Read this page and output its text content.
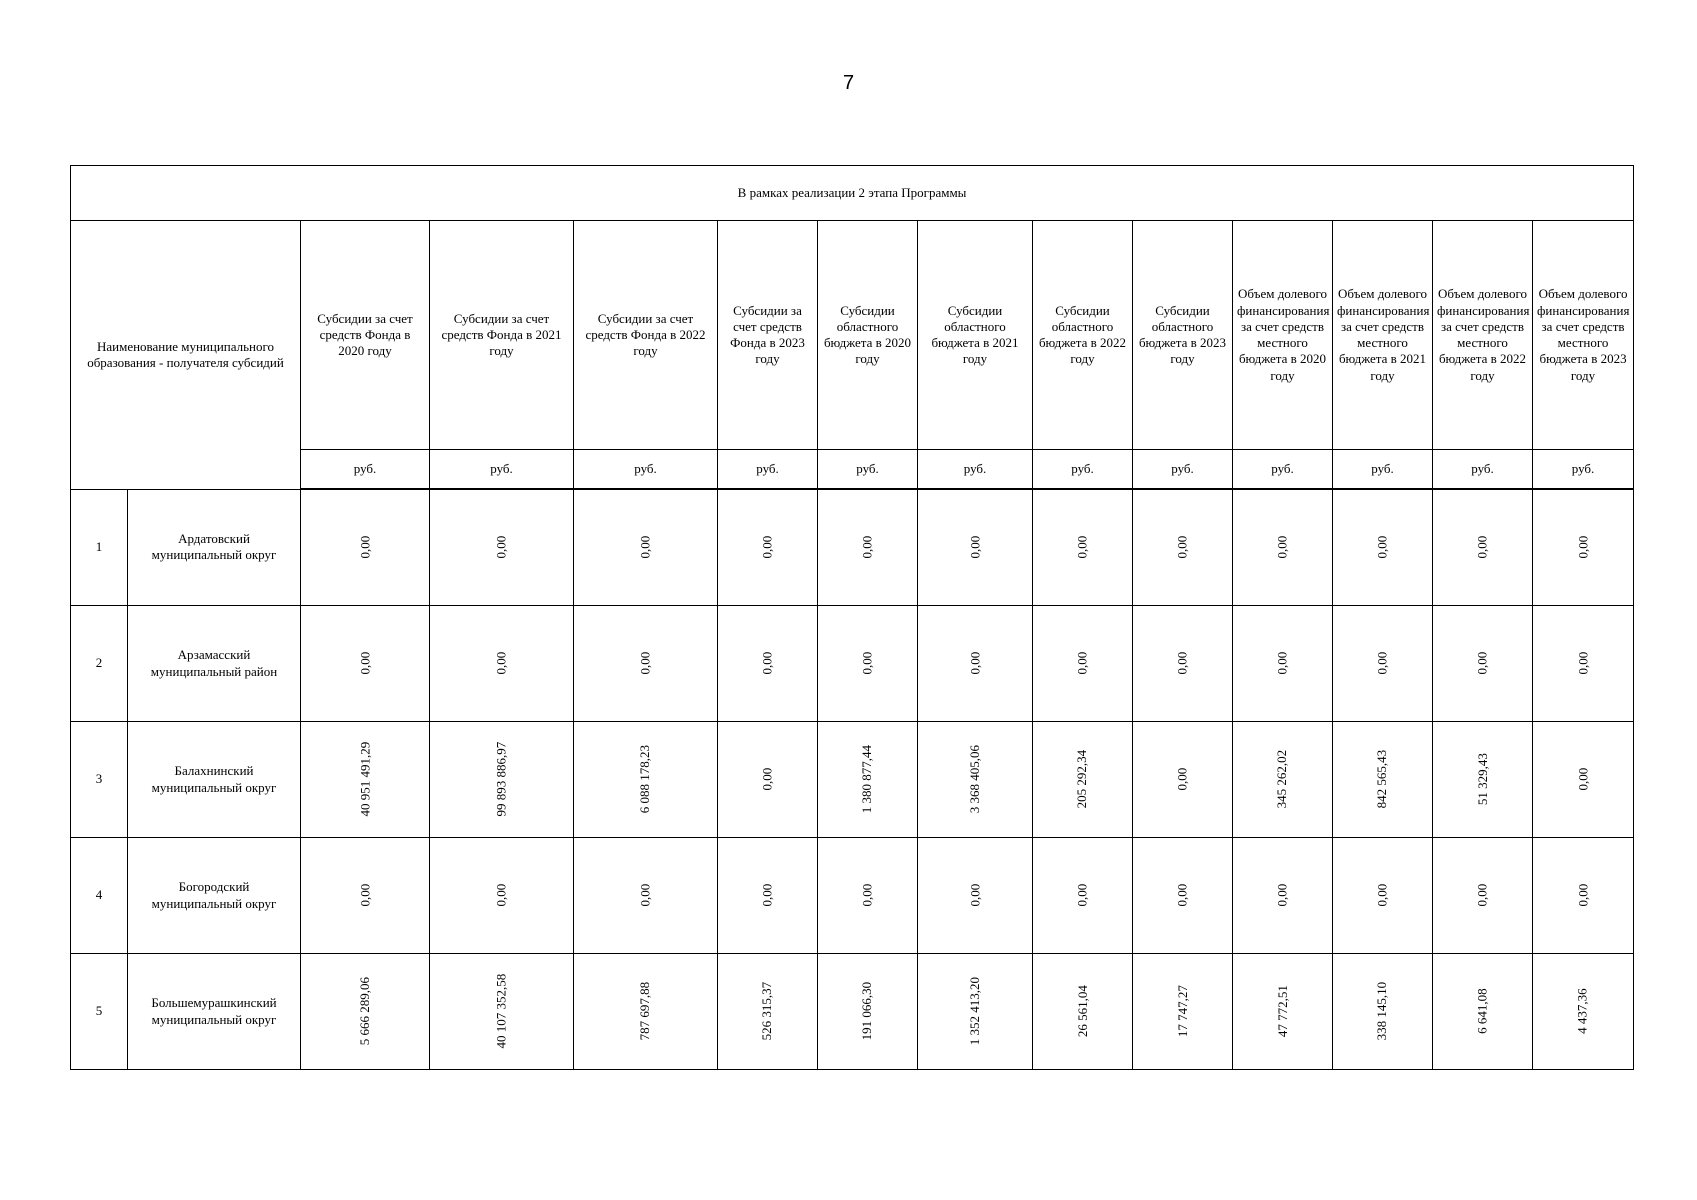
7
В рамках реализации 2 этапа Программы													
Наименование муниципального образования - получателя субсидий		Субсидии за счет средств Фонда в 2020 году	Субсидии за счет средств Фонда в 2021 году	Субсидии за счет средств Фонда в 2022 году	Субсидии за счет средств Фонда в 2023 году	Субсидии областного бюджета в 2020 году	Субсидии областного бюджета в 2021 году	Субсидии областного бюджета в 2022 году	Субсидии областного бюджета в 2023 году	Объем долевого финансирования за счет средств местного бюджета в 2020 году	Объем долевого финансирования за счет средств местного бюджета в 2021 году	Объем долевого финансирования за счет средств местного бюджета в 2022 году	Объем долевого финансирования за счет средств местного бюджета в 2023 году
		руб.	руб.	руб.	руб.	руб.	руб.	руб.	руб.	руб.	руб.	руб.	руб.
1	Ардатовский муниципальный округ	0,00	0,00	0,00	0,00	0,00	0,00	0,00	0,00	0,00	0,00	0,00	0,00
2	Арзамасский муниципальный район	0,00	0,00	0,00	0,00	0,00	0,00	0,00	0,00	0,00	0,00	0,00	0,00
3	Балахнинский муниципальный округ	40 951 491,29	99 893 886,97	6 088 178,23	0,00	1 380 877,44	3 368 405,06	205 292,34	0,00	345 262,02	842 565,43	51 329,43	0,00
4	Богородский муниципальный округ	0,00	0,00	0,00	0,00	0,00	0,00	0,00	0,00	0,00	0,00	0,00	0,00
5	Большемурашкинский муниципальный округ	5 666 289,06	40 107 352,58	787 697,88	526 315,37	191 066,30	1 352 413,20	26 561,04	17 747,27	47 772,51	338 145,10	6 641,08	4 437,36
